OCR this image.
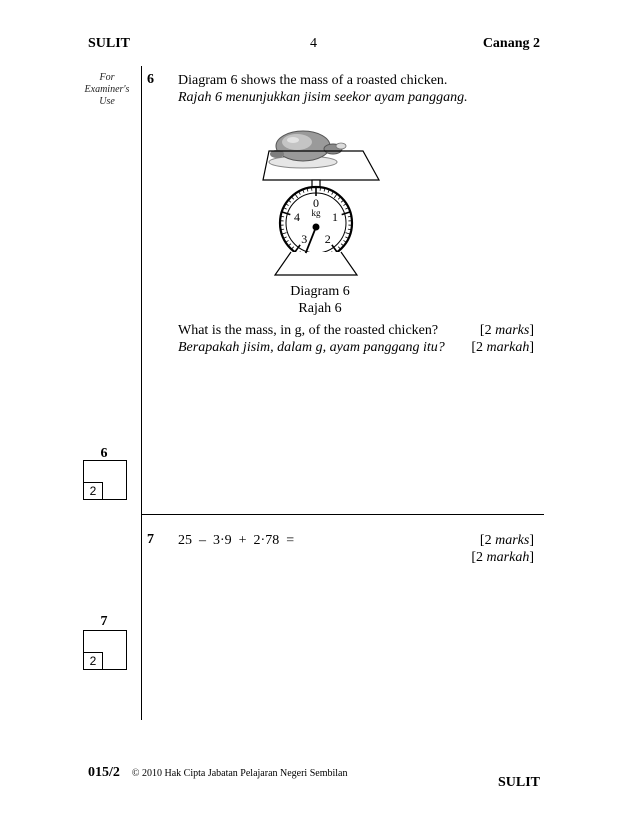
SULIT	4	Canang 2
For
Examiner's
Use
6 Diagram 6 shows the mass of a roasted chicken.
Rajah 6 menunjukkan jisim seekor ayam panggang.
0
1
2
3
4 kg
Diagram 6
Rajah 6
What is the mass, in g, of the roasted chicken?
Berapakah jisim, dalam g, ayam panggang itu?
[2 marks]
[2 markah]
6
2
7 25  –  3·9  +  2·78  =	[2 marks]
[2 markah]
7
2
015/2 © 2010 Hak Cipta Jabatan Pelajaran Negeri Sembilan
SULIT
